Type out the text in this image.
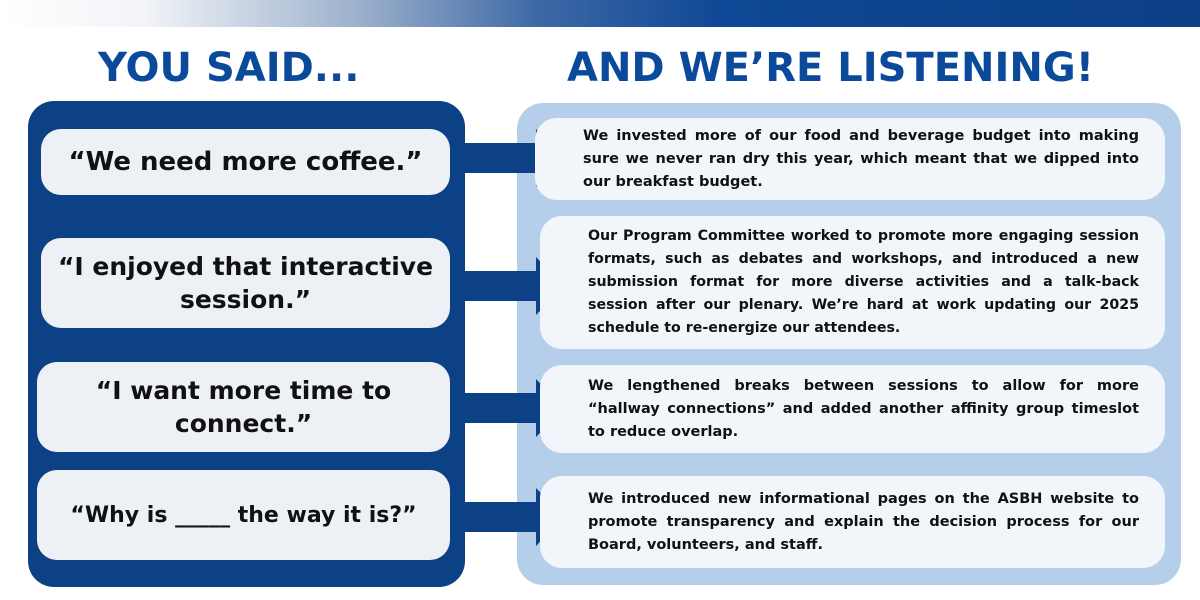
YOU SAID...	AND WE’RE LISTENING!
“We need more coffee.”
“I enjoyed that interactive session.”
“I want more time to connect.”
“Why is _____ the way it is?”
We invested more of our food and beverage budget into making sure we never ran dry this year, which meant that we dipped into our breakfast budget.
Our Program Committee worked to promote more engaging session formats, such as debates and workshops, and introduced a new submission format for more diverse activities and a talk-back session after our plenary. We’re hard at work updating our 2025 schedule to re-energize our attendees.
We lengthened breaks between sessions to allow for more “hallway connections” and added another affinity group timeslot to reduce overlap.
We introduced new informational pages on the ASBH website to promote transparency and explain the decision process for our Board, volunteers, and staff.
